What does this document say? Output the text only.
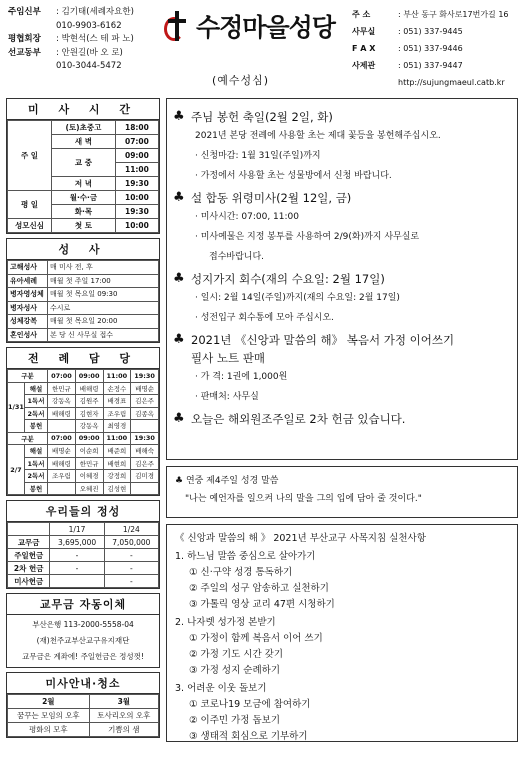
주임신부	: 김기태(세례자요한)
010-9903-6162
평협회장	: 박현석(스 테 파 노)
선교동부	: 안원길(바 오 로)
010-3044-5472
수정마을성당
(예수성심)
주 소	: 부산 동구 화사로17번가길 16
사무실	: 051) 337-9445
F A X	: 051) 337-9446
사제관	: 051) 337-9447
http://sujungmaeul.catb.kr
미 사 시 간
주 일	(토)초중고	18:00
	새 벽	07:00
	교 중	09:00
		11:00
	저 녁	19:30
평 일	월·수·금	10:00
	화·목	19:30
성모신심	첫 토	10:00
성 사
고해성사	매 미사 전, 후
유아세례	매월 첫 주일 17:00
병자영성체	매월 첫 목요일 09:30
병자성사	수시로
성체강복	매월 첫 목요일 20:00
혼인성사	본 당 신 사무실 접수
전 례 담 당
구분		07:00	09:00	11:00	19:30
1/31	해설	한민규	배해령	손정수	배명순
	1독서	강동옥	김원주	배경표	김은주
	2독서	배해령	김현자	조우림	김종옥
	봉헌		강동옥	최영경	
구분		07:00	09:00	11:00	19:30
2/7	해설	배명순	이순희	배준희	배해숙
	1독서	배해령	한민규	배현희	김은주
	2독서	조우림	이혜경	강정희	김미경
	봉헌		오혜진	김성현	
우리들의 정성
	1/17	1/24
교무금	3,695,000	7,050,000
주일헌금	-	-
2차 헌금	-	-
미사헌금		-
교무금 자동이체
부산은행 113-2000-5558-04
(재)천주교부산교구유지재단
교무금은 계좌에! 주일헌금은 정성껏!
미사안내·청소
2월	3월
꿈꾸는 모임의 오후	토사리오의 오후
평화의 모후	기쁨의 샘
♣ 주님 봉헌 축일(2월 2일, 화)
2021년 본당 전례에 사용할 초는 제대 꽃등을 봉헌해주십시오.
· 신청마감: 1월 31일(주일)까지
· 가정에서 사용할 초는 성물방에서 신청 바랍니다.
♣ 설 합동 위령미사(2월 12일, 금)
· 미사시간: 07:00, 11:00
· 미사예물은 지정 봉투를 사용하여 2/9(화)까지 사무실로
접수바랍니다.
♣ 성지가지 회수(재의 수요일: 2월 17일)
· 일시: 2월 14일(주일)까지(재의 수요일: 2월 17일)
· 성전입구 회수통에 모아 주십시오.
♣ 2021년 《신앙과 말씀의 해》 복음서 가정 이어쓰기
필사 노트 판매
· 가 격: 1권에 1,000원
· 판매처: 사무실
♣ 오늘은 해외원조주일로 2차 헌금 있습니다.
♣ 연중 제4주일 성경 말씀
"나는 예언자를 일으켜 나의 말을 그의 입에 담아 줄 것이다."
《 신앙과 말씀의 해 》 2021년 부산교구 사목지침 실천사항
1. 하느님 말씀 중심으로 살아가기
① 신·구약 성경 통독하기
② 주일의 성구 암송하고 실천하기
③ 가톨릭 영상 교리 47편 시청하기
2. 나자렛 성가정 본받기
① 가정이 함께 복음서 이어 쓰기
② 가정 기도 시간 갖기
③ 가정 성지 순례하기
3. 어려운 이웃 돌보기
① 코로나19 모금에 참여하기
② 이주민 가정 돕보기
③ 생태적 회심으로 기부하기
